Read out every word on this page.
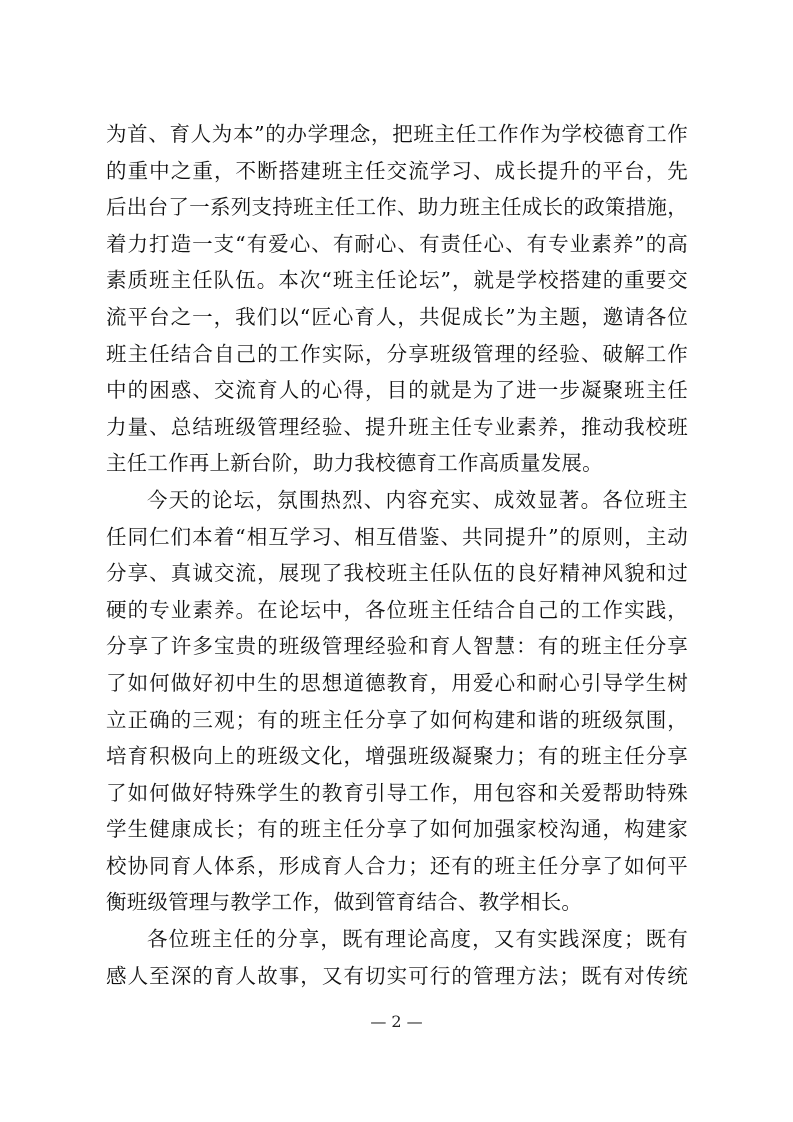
为首、育人为本”的办学理念，把班主任工作作为学校德育工作
的重中之重，不断搭建班主任交流学习、成长提升的平台，先
后出台了一系列支持班主任工作、助力班主任成长的政策措施，
着力打造一支“有爱心、有耐心、有责任心、有专业素养”的高
素质班主任队伍。本次“班主任论坛”，就是学校搭建的重要交
流平台之一，我们以“匠心育人，共促成长”为主题，邀请各位
班主任结合自己的工作实际，分享班级管理的经验、破解工作
中的困惑、交流育人的心得，目的就是为了进一步凝聚班主任
力量、总结班级管理经验、提升班主任专业素养，推动我校班
主任工作再上新台阶，助力我校德育工作高质量发展。
今天的论坛，氛围热烈、内容充实、成效显著。各位班主
任同仁们本着“相互学习、相互借鉴、共同提升”的原则，主动
分享、真诚交流，展现了我校班主任队伍的良好精神风貌和过
硬的专业素养。在论坛中，各位班主任结合自己的工作实践，
分享了许多宝贵的班级管理经验和育人智慧：有的班主任分享
了如何做好初中生的思想道德教育，用爱心和耐心引导学生树
立正确的三观；有的班主任分享了如何构建和谐的班级氛围，
培育积极向上的班级文化，增强班级凝聚力；有的班主任分享
了如何做好特殊学生的教育引导工作，用包容和关爱帮助特殊
学生健康成长；有的班主任分享了如何加强家校沟通，构建家
校协同育人体系，形成育人合力；还有的班主任分享了如何平
衡班级管理与教学工作，做到管育结合、教学相长。
各位班主任的分享，既有理论高度，又有实践深度；既有
感人至深的育人故事，又有切实可行的管理方法；既有对传统
— 2 —
